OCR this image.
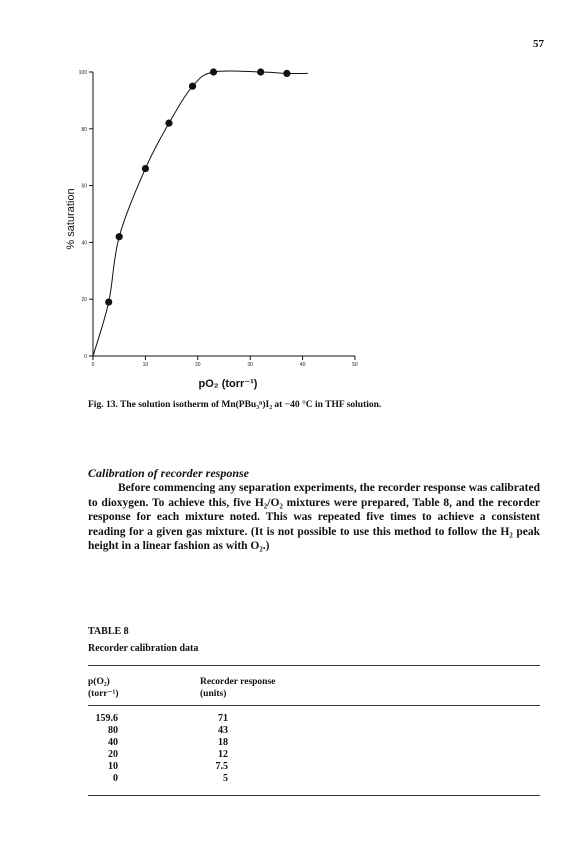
57
0
20
40
60
80
100
0	10	20	30	40	50
% saturation
pO₂ (torr⁻¹)
Fig. 13. The solution isotherm of Mn(PBu₃ⁿ)I₂ at −40 °C in THF solution.
Calibration of recorder response
Before commencing any separation experiments, the recorder response was calibrated to dioxygen. To achieve this, five H₂/O₂ mixtures were prepared, Table 8, and the recorder response for each mixture noted. This was repeated five times to achieve a consistent reading for a given gas mixture. (It is not possible to use this method to follow the H₂ peak height in a linear fashion as with O₂.)
TABLE 8
Recorder calibration data
p(O₂)
(torr⁻¹)
Recorder response
(units)
159.6	71
80	43
40	18
20	12
10	7.5
0	5
